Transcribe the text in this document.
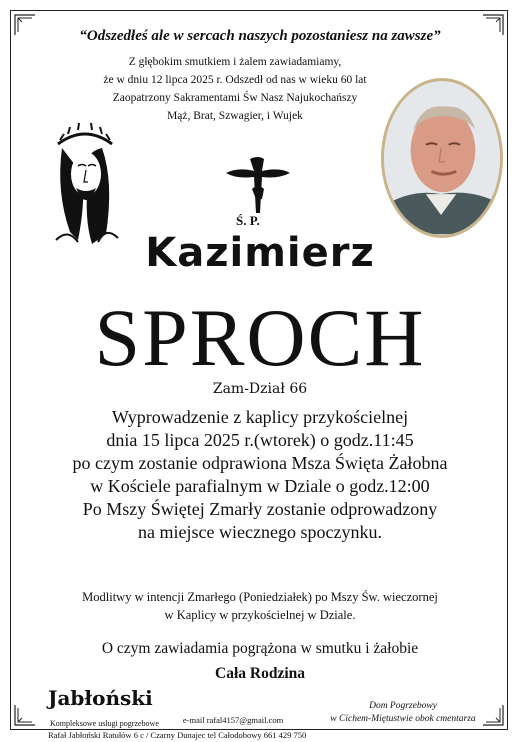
“Odszedłeś ale w sercach naszych pozostaniesz na zawsze”
Z głębokim smutkiem i żalem zawiadamiamy,
że w dniu 12 lipca 2025 r. Odszedł od nas w wieku 60 lat
Zaopatrzony Sakramentami Św Nasz Najukochańszy
Mąż, Brat, Szwagier, i Wujek
Ś. P.
Kazimierz
SPROCH
Zam-Dział 66
Wyprowadzenie z kaplicy przykościelnej
dnia 15 lipca 2025 r.(wtorek) o godz.11:45
po czym zostanie odprawiona Msza Święta Żałobna
w Kościele parafialnym w Dziale o godz.12:00
Po Mszy Świętej Zmarły zostanie odprowadzony
na miejsce wiecznego spoczynku.
Modlitwy w intencji Zmarłego (Poniedziałek) po Mszy Św. wieczornej
w Kaplicy w przykościelnej w Dziale.
O czym zawiadamia pogrążona w smutku i żałobie
Cała Rodzina
Jabłoński
Kompleksowe usługi pogrzebowe	e-mail rafal4157@gmail.com
Rafał Jabłoński Ratułów 6 c / Czarny Dunajec tel Całodobowy 661 429 750
Dom Pogrzebowy
w Cichem-Miętustwie obok cmentarza
